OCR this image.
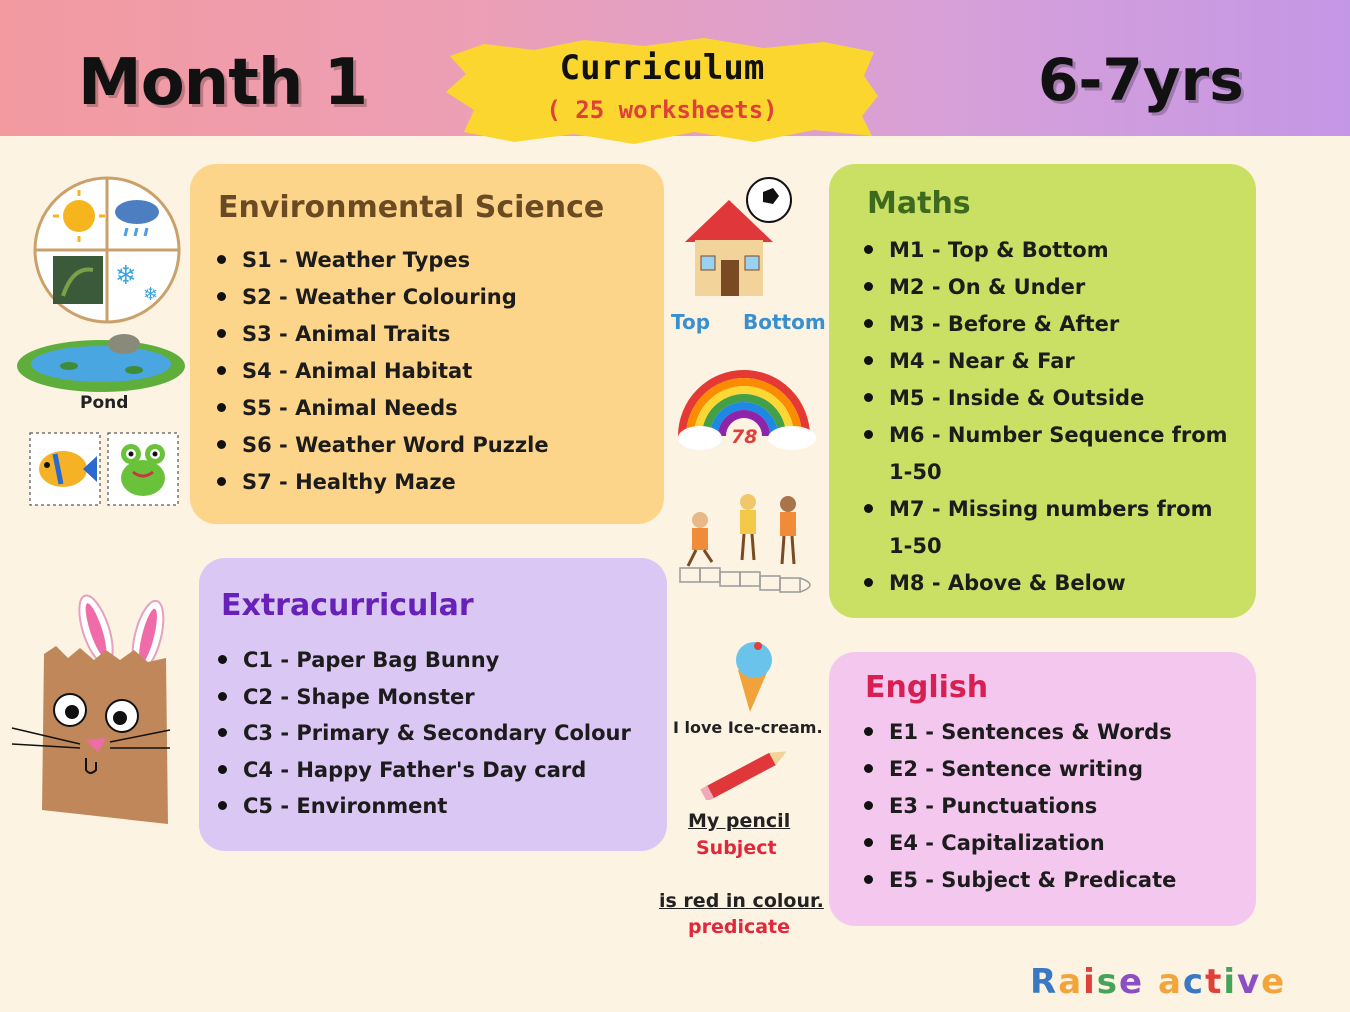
Month 1	Curriculum
( 25 worksheets)	6-7yrs
❄
❄
Pond
Environmental Science
S1 - Weather Types
S2 - Weather Colouring
S3 - Animal Traits
S4 - Animal Habitat
S5 - Animal Needs
S6 - Weather Word Puzzle
S7 - Healthy Maze
Extracurricular
C1 - Paper Bag Bunny
C2 - Shape Monster
C3 - Primary & Secondary Colour
C4 - Happy Father's Day card
C5 - Environment
Top Bottom
78
I love Ice-cream.
My pencil
Subject
is red in colour.
predicate
Maths
M1 - Top & Bottom
M2 - On & Under
M3 - Before & After
M4 - Near & Far
M5 - Inside & Outside
M6 - Number Sequence from 1-50
M7 - Missing numbers from 1-50
M8 - Above & Below
English
E1 - Sentences & Words
E2 - Sentence writing
E3 - Punctuations
E4 - Capitalization
E5 - Subject & Predicate
Raise active
